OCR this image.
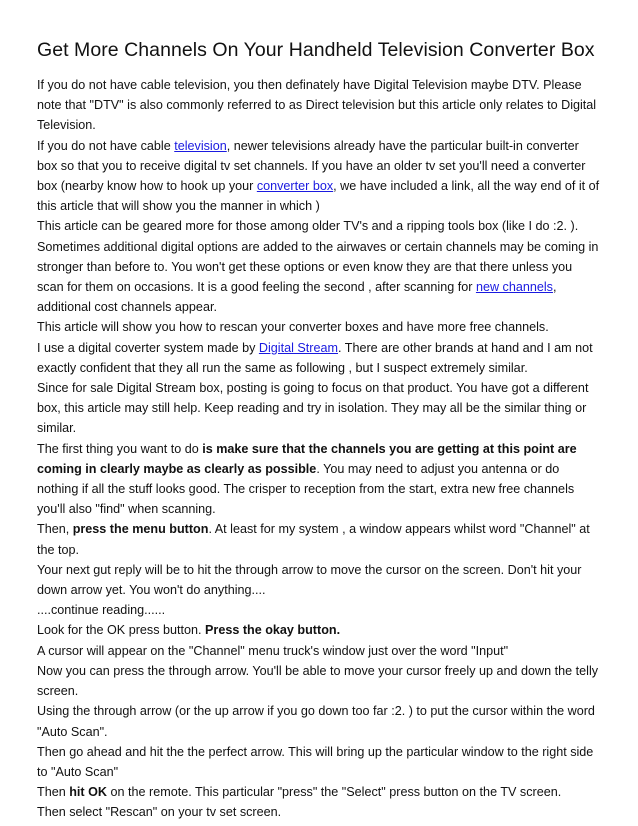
Get More Channels On Your Handheld Television Converter Box

If you do not have cable television, you then definately have Digital Television maybe DTV. Please note that "DTV" is also commonly referred to as Direct television but this article only relates to Digital Television.

If you do not have cable television, newer televisions already have the particular built-in converter box so that you to receive digital tv set channels. If you have an older tv set you'll need a converter box (nearby know how to hook up your converter box, we have included a link, all the way end of it of this article that will show you the manner in which )

This article can be geared more for those among older TV's and a ripping tools box (like I do :2. ). Sometimes additional digital options are added to the airwaves or certain channels may be coming in stronger than before to. You won't get these options or even know they are that there unless you scan for them on occasions. It is a good feeling the second , after scanning for new channels, additional cost channels appear.

This article will show you how to rescan your converter boxes and have more free channels.

I use a digital coverter system made by Digital Stream. There are other brands at hand and I am not exactly confident that they all run the same as following , but I suspect extremely similar.

Since for sale Digital Stream box, posting is going to focus on that product. You have got a different box, this article may still help. Keep reading and try in isolation. They may all be the similar thing or similar.

The first thing you want to do is make sure that the channels you are getting at this point are coming in clearly maybe as clearly as possible. You may need to adjust you antenna or do nothing if all the stuff looks good. The crisper to reception from the start, extra new free channels you'll also "find" when scanning.

Then, press the menu button. At least for my system , a window appears whilst word "Channel" at the top.

Your next gut reply will be to hit the through arrow to move the cursor on the screen. Don't hit your down arrow yet. You won't do anything....

....continue reading......

Look for the OK press button. Press the okay button.

A cursor will appear on the "Channel" menu truck's window just over the word "Input"

Now you can press the through arrow. You'll be able to move your cursor freely up and down the telly screen.

Using the through arrow (or the up arrow if you go down too far :2. ) to put the cursor within the word "Auto Scan".

Then go ahead and hit the the perfect arrow. This will bring up the particular window to the right side to "Auto Scan"

Then hit OK on the remote. This particular "press" the "Select" press button on the TV screen.

Then select "Rescan" on your tv set screen.
